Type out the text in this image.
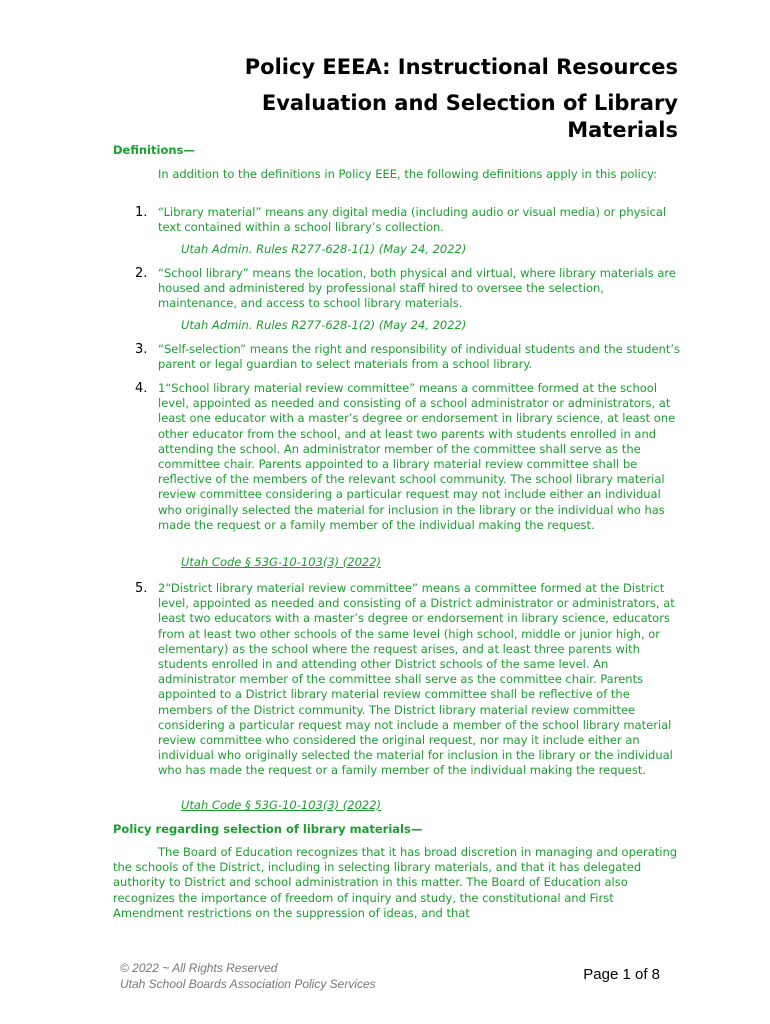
Policy EEEA: Instructional Resources
Evaluation and Selection of Library Materials
Definitions—
In addition to the definitions in Policy EEE, the following definitions apply in this policy:
1. “Library material” means any digital media (including audio or visual media) or physical text contained within a school library’s collection.
Utah Admin. Rules R277-628-1(1) (May 24, 2022)
2. “School library” means the location, both physical and virtual, where library materials are housed and administered by professional staff hired to oversee the selection, maintenance, and access to school library materials.
Utah Admin. Rules R277-628-1(2) (May 24, 2022)
3. “Self-selection” means the right and responsibility of individual students and the student’s parent or legal guardian to select materials from a school library.
4. 1“School library material review committee” means a committee formed at the school level, appointed as needed and consisting of a school administrator or administrators, at least one educator with a master’s degree or endorsement in library science, at least one other educator from the school, and at least two parents with students enrolled in and attending the school. An administrator member of the committee shall serve as the committee chair. Parents appointed to a library material review committee shall be reflective of the members of the relevant school community. The school library material review committee considering a particular request may not include either an individual who originally selected the material for inclusion in the library or the individual who has made the request or a family member of the individual making the request.
Utah Code § 53G-10-103(3) (2022)
5. 2“District library material review committee” means a committee formed at the District level, appointed as needed and consisting of a District administrator or administrators, at least two educators with a master’s degree or endorsement in library science, educators from at least two other schools of the same level (high school, middle or junior high, or elementary) as the school where the request arises, and at least three parents with students enrolled in and attending other District schools of the same level. An administrator member of the committee shall serve as the committee chair. Parents appointed to a District library material review committee shall be reflective of the members of the District community. The District library material review committee considering a particular request may not include a member of the school library material review committee who considered the original request, nor may it include either an individual who originally selected the material for inclusion in the library or the individual who has made the request or a family member of the individual making the request.
Utah Code § 53G-10-103(3) (2022)
Policy regarding selection of library materials—
The Board of Education recognizes that it has broad discretion in managing and operating the schools of the District, including in selecting library materials, and that it has delegated authority to District and school administration in this matter. The Board of Education also recognizes the importance of freedom of inquiry and study, the constitutional and First Amendment restrictions on the suppression of ideas, and that
© 2022 ~ All Rights Reserved
Utah School Boards Association Policy Services
Page 1 of 8
